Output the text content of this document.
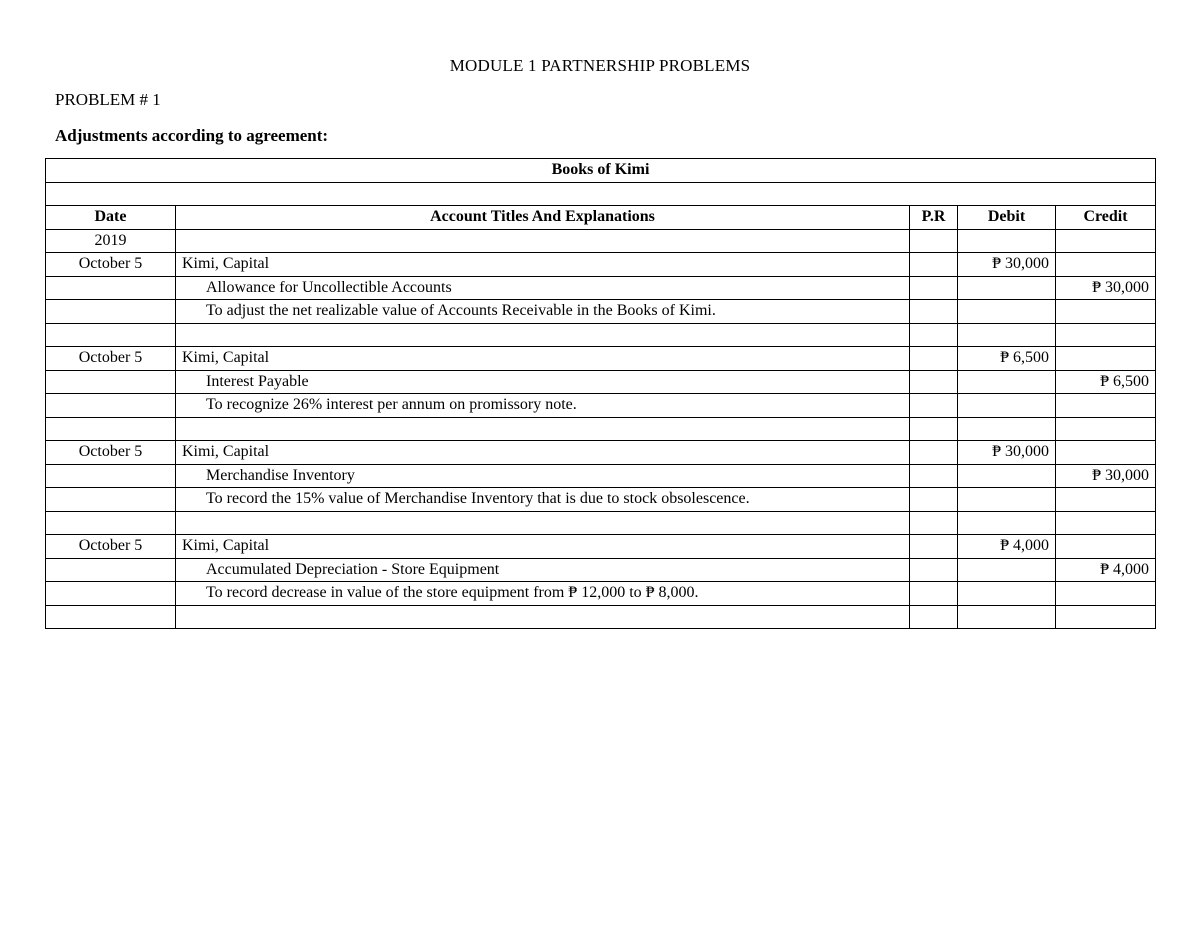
MODULE 1 PARTNERSHIP PROBLEMS
PROBLEM # 1
Adjustments according to agreement:
Books of Kimi				

Date	Account Titles And Explanations	P.R	Debit	Credit
2019				
October 5	Kimi, Capital		₱ 30,000	
	Allowance for Uncollectible Accounts			₱ 30,000
	To adjust the net realizable value of Accounts Receivable in the Books of Kimi.			

October 5	Kimi, Capital		₱ 6,500	
	Interest Payable			₱ 6,500
	To recognize 26% interest per annum on promissory note.			

October 5	Kimi, Capital		₱ 30,000	
	Merchandise Inventory			₱ 30,000
	To record the 15% value of Merchandise Inventory that is due to stock obsolescence.			

October 5	Kimi, Capital		₱ 4,000	
	Accumulated Depreciation - Store Equipment			₱ 4,000
	To record decrease in value of the store equipment from ₱ 12,000 to ₱ 8,000.			
